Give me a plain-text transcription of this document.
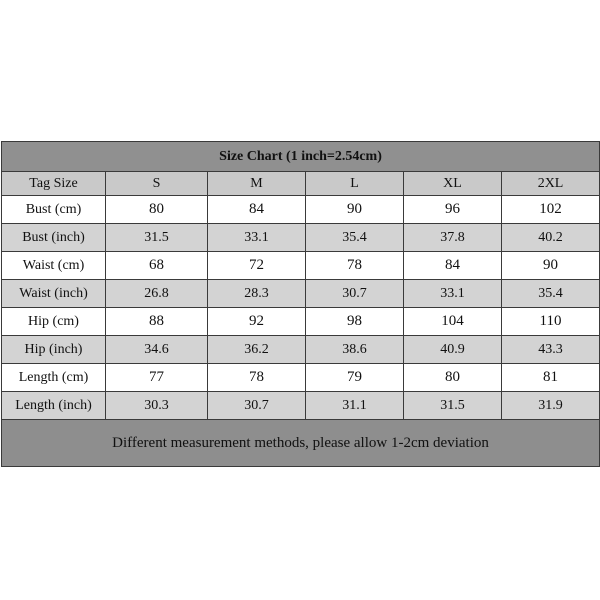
Size Chart (1 inch=2.54cm)					
Tag Size	S	M	L	XL	2XL
Bust (cm)	80	84	90	96	102
Bust (inch)	31.5	33.1	35.4	37.8	40.2
Waist (cm)	68	72	78	84	90
Waist (inch)	26.8	28.3	30.7	33.1	35.4
Hip (cm)	88	92	98	104	110
Hip (inch)	34.6	36.2	38.6	40.9	43.3
Length (cm)	77	78	79	80	81
Length (inch)	30.3	30.7	31.1	31.5	31.9
Different measurement methods, please allow 1-2cm deviation					
